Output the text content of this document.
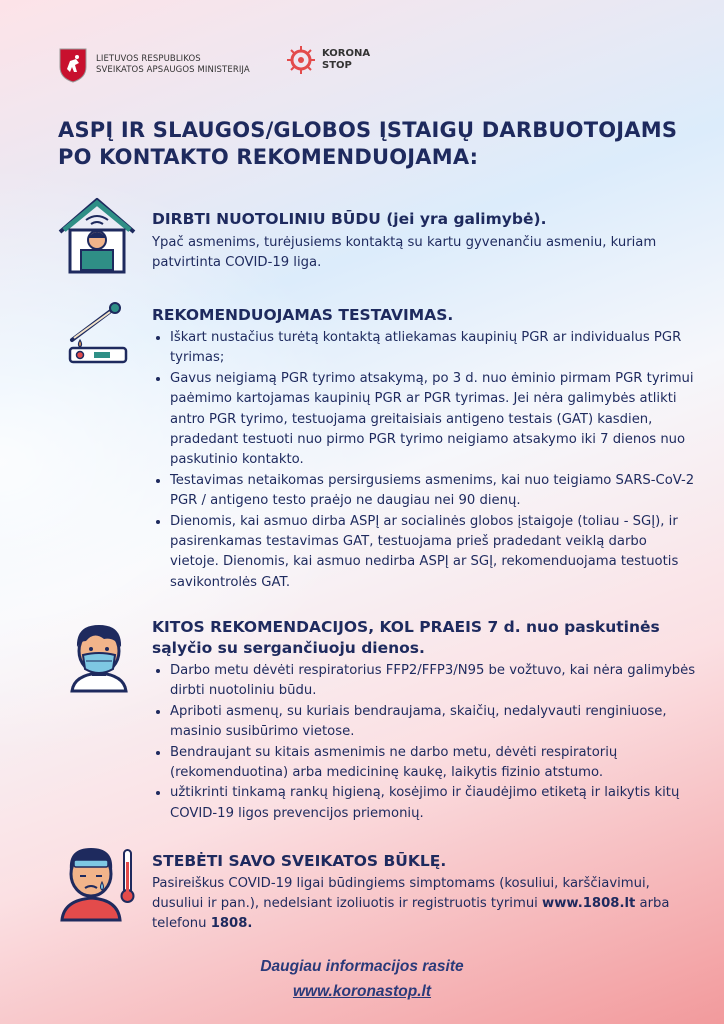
LIETUVOS RESPUBLIKOS
SVEIKATOS APSAUGOS MINISTERIJA
KORONA
STOP
ASPĮ IR SLAUGOS/GLOBOS ĮSTAIGŲ DARBUOTOJAMS
PO KONTAKTO REKOMENDUOJAMA:
DIRBTI NUOTOLINIU BŪDU (jei yra galimybė).
Ypač asmenims, turėjusiems kontaktą su kartu gyvenančiu asmeniu, kuriam patvirtinta COVID-19 liga.
REKOMENDUOJAMAS TESTAVIMAS.
• Iškart nustačius turėtą kontaktą atliekamas kaupinių PGR ar individualus PGR tyrimas;
• Gavus neigiamą PGR tyrimo atsakymą, po 3 d. nuo ėminio pirmam PGR tyrimui paėmimo kartojamas kaupinių PGR ar PGR tyrimas. Jei nėra galimybės atlikti antro PGR tyrimo, testuojama greitaisiais antigeno testais (GAT) kasdien, pradedant testuoti nuo pirmo PGR tyrimo neigiamo atsakymo iki 7 dienos nuo paskutinio kontakto.
• Testavimas netaikomas persirgusiems asmenims, kai nuo teigiamo SARS-CoV-2 PGR / antigeno testo praėjo ne daugiau nei 90 dienų.
• Dienomis, kai asmuo dirba ASPĮ ar socialinės globos įstaigoje (toliau - SGĮ), ir pasirenkamas testavimas GAT, testuojama prieš pradedant veiklą darbo vietoje. Dienomis, kai asmuo nedirba ASPĮ ar SGĮ, rekomenduojama testuotis savikontrolės GAT.
KITOS REKOMENDACIJOS, KOL PRAEIS 7 d. nuo paskutinės sąlyčio su sergančiuoju dienos.
• Darbo metu dėvėti respiratorius FFP2/FFP3/N95 be vožtuvo, kai nėra galimybės dirbti nuotoliniu būdu.
• Apriboti asmenų, su kuriais bendraujama, skaičių, nedalyvauti renginiuose, masinio susibūrimo vietose.
• Bendraujant su kitais asmenimis ne darbo metu, dėvėti respiratorių (rekomenduotina) arba medicininę kaukę, laikytis fizinio atstumo.
• užtikrinti tinkamą rankų higieną, kosėjimo ir čiaudėjimo etiketą ir laikytis kitų COVID-19 ligos prevencijos priemonių.
STEBĖTI SAVO SVEIKATOS BŪKLĘ.
Pasireiškus COVID-19 ligai būdingiems simptomams (kosuliui, karščiavimui, dusuliui ir pan.), nedelsiant izoliuotis ir registruotis tyrimui www.1808.lt arba telefonu 1808.
Daugiau informacijos rasite
www.koronastop.lt
